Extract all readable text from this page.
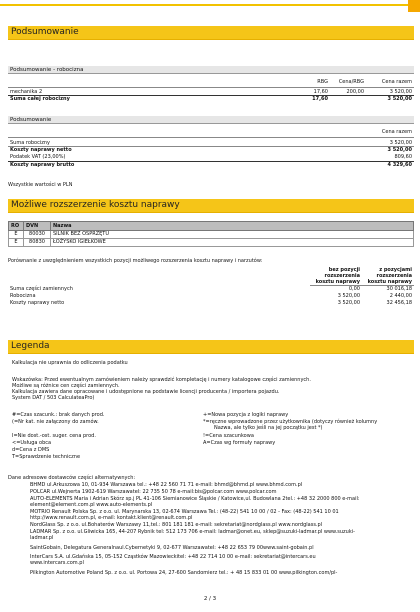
Podsumowanie
Podsumowanie - robocizna
RBG Cena/RBG	Cena razem
mechanika 2	17,60	200,00	3 520,00
Suma całej robocizny	17,60	3 520,00
Podsumowanie
Cena razem
Suma robocizny	3 520,00
Koszty naprawy netto	3 520,00
Podatek VAT (23,00%)	809,60
Koszty naprawy brutto	4 329,60
Wszystkie wartości w PLN
Możliwe rozszerzenie kosztu naprawy
RO	DVN	Nazwa
E	80030	SILNIK BEZ OSPRZĘTU
E	80830	ŁOŻYSKO IGIEŁKOWE
Porównanie z uwzględnieniem wszystkich pozycji możliwego rozszerzenia kosztu naprawy i narzutów:
bez pozycji
rozszerzenia
kosztu naprawy
z pozycjami
rozszerzenia
kosztu naprawy
Suma części zamiennych	0,00	30 016,18
Robocizna	3 520,00	2 440,00
Koszty naprawy netto	3 520,00	32 456,18
Legenda
Kalkulacja nie uprawnia do odliczenia podatku
Wskazówka: Przed ewentualnym zamówieniem należy sprawdzić kompletację i numery katalogowe części zamiennych.
Możliwe są różnice cen części zamiennych.
Kalkulacja zawiera dane opracowane i udostępnione na podstawie licencji producenta / importera pojazdu.
System DAT / 503 CalculateaPro)
#=Czas szacunk.: brak danych prod.
(=Nr kat. nie załączony do zamów.
I=Nie dost.-ost. suger. cena prod.
<=Usługa obca
d=Cena z DMS
T=Sprawdzenie techniczne
+=Nowa pozycja z logiki naprawy
*=ręczne wprowadzone przez użytkownika (dotyczy również kolumny
Nazwa, ale tylko jeśli na jej początku jest *)
!=Cena szacunkowa
A=Czas wg formuły naprawy
Dane adresowe dostawców części alternatywnych:
BHMD ul.Arkuszowa 10, 01-934 Warszawa tel.: +48 22 560 71 71 e-mail: bhmd@bhmd.pl www.bhmd.com.pl
POLCAR ul.Wejnerta 1902-619 Warszawatel: 22 735 50 78 e-mail:bis@polcar.com www.polcar.com
AUTO-ELEMENTS Maria i Adrian Skórz sp.j PL 41-106 Siemianowice Śląskie / Katowice,ul. Budowlana 2tel.: +48 32 2000 800 e-mail:
element@element.com.pl www.auto-elements.pl
MOTRIO Renault Polska Sp. z o.o. ul. Marynarska 13, 02-674 Warszawa Tel.: (48-22) 541 10 00 / 02 - Fax: (48-22) 541 10 01
http://www.renault.com.pl, e-mail: kontakt.klient@renault.com.pl
NordGlass Sp. z o.o. ul.Bohaterów Warszawy 11,tel.: 801 181 181 e-mail: sekretariat@nordglass.pl www.nordglass.pl
LADMAR Sp. z o.o. ul.Gliwicka 165, 44-207 Rybnik tel: 512 173 706 e-mail: ladmar@onet.eu, sklep@suzuki-ladmar.pl www.suzuki-
ladmar.pl
SaintGobain, Delegatura Generalnaul.Cybernetyki 9, 02-677 Warszawatel: +48 22 653 79 00www.saint-gobain.pl
InterCars S.A. ul.Gdańska 15, 05-152 Cząstków Mazowieckitel: +48 22 714 10 00 e-mail: sekretariat@intercars.eu
www.intercars.com.pl
Pilkington Automotive Poland Sp. z o.o. ul. Portowa 24, 27-600 Sandomierz tel.: + 48 15 833 01 00 www.pilkington.com/pl-
2 / 3
